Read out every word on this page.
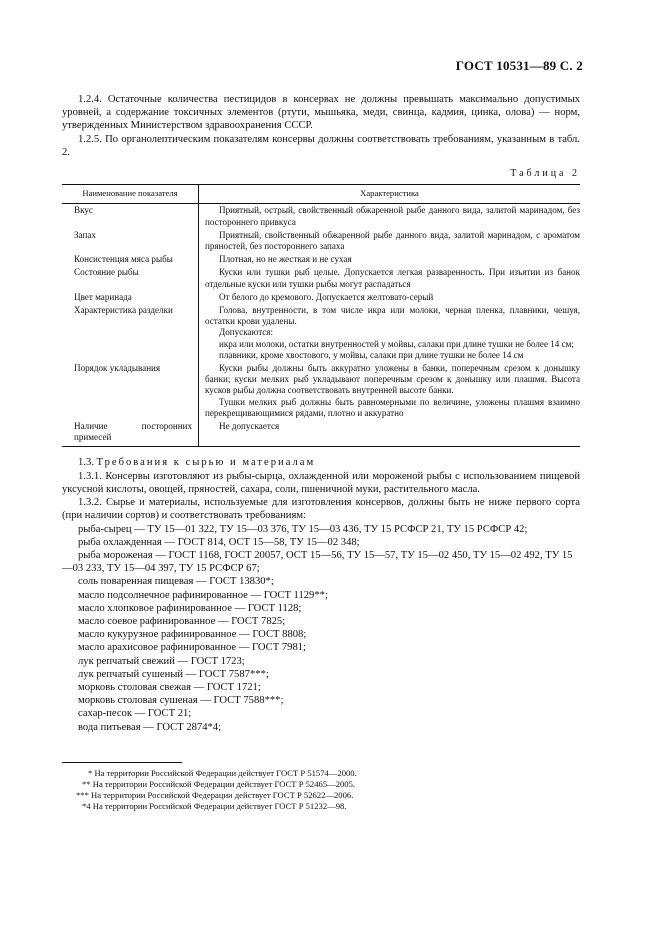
ГОСТ 10531—89 С. 2

1.2.4. Остаточные количества пестицидов в консервах не должны превышать максимально допустимых уровней, а содержание токсичных элементов (ртути, мышьяка, меди, свинца, кадмия, цинка, олова) — норм, утвержденных Министерством здравоохранения СССР.

1.2.5. По органолептическим показателям консервы должны соответствовать требованиям, указанным в табл. 2.

Таблица 2
Наименование показателя	Характеристика
Вкус	Приятный, острый, свойственный обжаренной рыбе данного вида, залитой маринадом, без постороннего привкуса

Запах	Приятный, свойственный обжаренной рыбе данного вида, залитой маринадом, с ароматом пряностей, без постороннего запаха

Консистенция мяса рыбы	Плотная, но не жесткая и не сухая

Состояние рыбы	Куски или тушки рыб целые. Допускается легкая разваренность. При изъятии из банок отдельные куски или тушки рыбы могут распадаться

Цвет маринада	От белого до кремового. Допускается желтовато-серый

Характеристика разделки	Голова, внутренности, в том числе икра или молоки, черная пленка, плавники, чешуя, остатки крови удалены.
Допускаются:
икра или молоки, остатки внутренностей у мойвы, салаки при длине тушки не более 14 см;
плавники, кроме хвостового, у мойвы, салаки при длине тушки не более 14 см

Порядок укладывания	Куски рыбы должны быть аккуратно уложены в банки, поперечным срезом к донышку банки; куски мелких рыб укладывают поперечным срезом к донышку или плашмя. Высота кусков рыбы должна соответствовать внутренней высоте банки.
Тушки мелких рыб должны быть равномерными по величине, уложены плашмя взаимно перекрещивающимися рядами, плотно и аккуратно

Наличие посторонних примесей	Не допускается

1.3. Требования к сырью и материалам

1.3.1. Консервы изготовляют из рыбы-сырца, охлажденной или мороженой рыбы с использованием пищевой уксусной кислоты, овощей, пряностей, сахара, соли, пшеничной муки, растительного масла.

1.3.2. Сырье и материалы, используемые для изготовления консервов, должны быть не ниже первого сорта (при наличии сортов) и соответствовать требованиям:

рыба-сырец — ТУ 15—01 322, ТУ 15—03 376, ТУ 15—03 436, ТУ 15 РСФСР 21, ТУ 15 РСФСР 42;
рыба охлажденная — ГОСТ 814, ОСТ 15—58, ТУ 15—02 348;
рыба мороженая — ГОСТ 1168, ГОСТ 20057, ОСТ 15—56, ТУ 15—57, ТУ 15—02 450, ТУ 15—02 492, ТУ 15—03 233, ТУ 15—04 397, ТУ 15 РСФСР 67;
соль поваренная пищевая — ГОСТ 13830*;
масло подсолнечное рафинированное — ГОСТ 1129**;
масло хлопковое рафинированное — ГОСТ 1128;
масло соевое рафинированное — ГОСТ 7825;
масло кукурузное рафинированное — ГОСТ 8808;
масло арахисовое рафинированное — ГОСТ 7981;
лук репчатый свежий — ГОСТ 1723;
лук репчатый сушеный — ГОСТ 7587***;
морковь столовая свежая — ГОСТ 1721;
морковь столовая сушеная — ГОСТ 7588***;
сахар-песок — ГОСТ 21;
вода питьевая — ГОСТ 2874*4;

* На территории Российской Федерации действует ГОСТ Р 51574—2000.

** На территории Российской Федерации действует ГОСТ Р 52465—2005.

*** На территории Российской Федерации действует ГОСТ Р 52622—2006.

*4 На территории Российской Федерации действует ГОСТ Р 51232—98.
